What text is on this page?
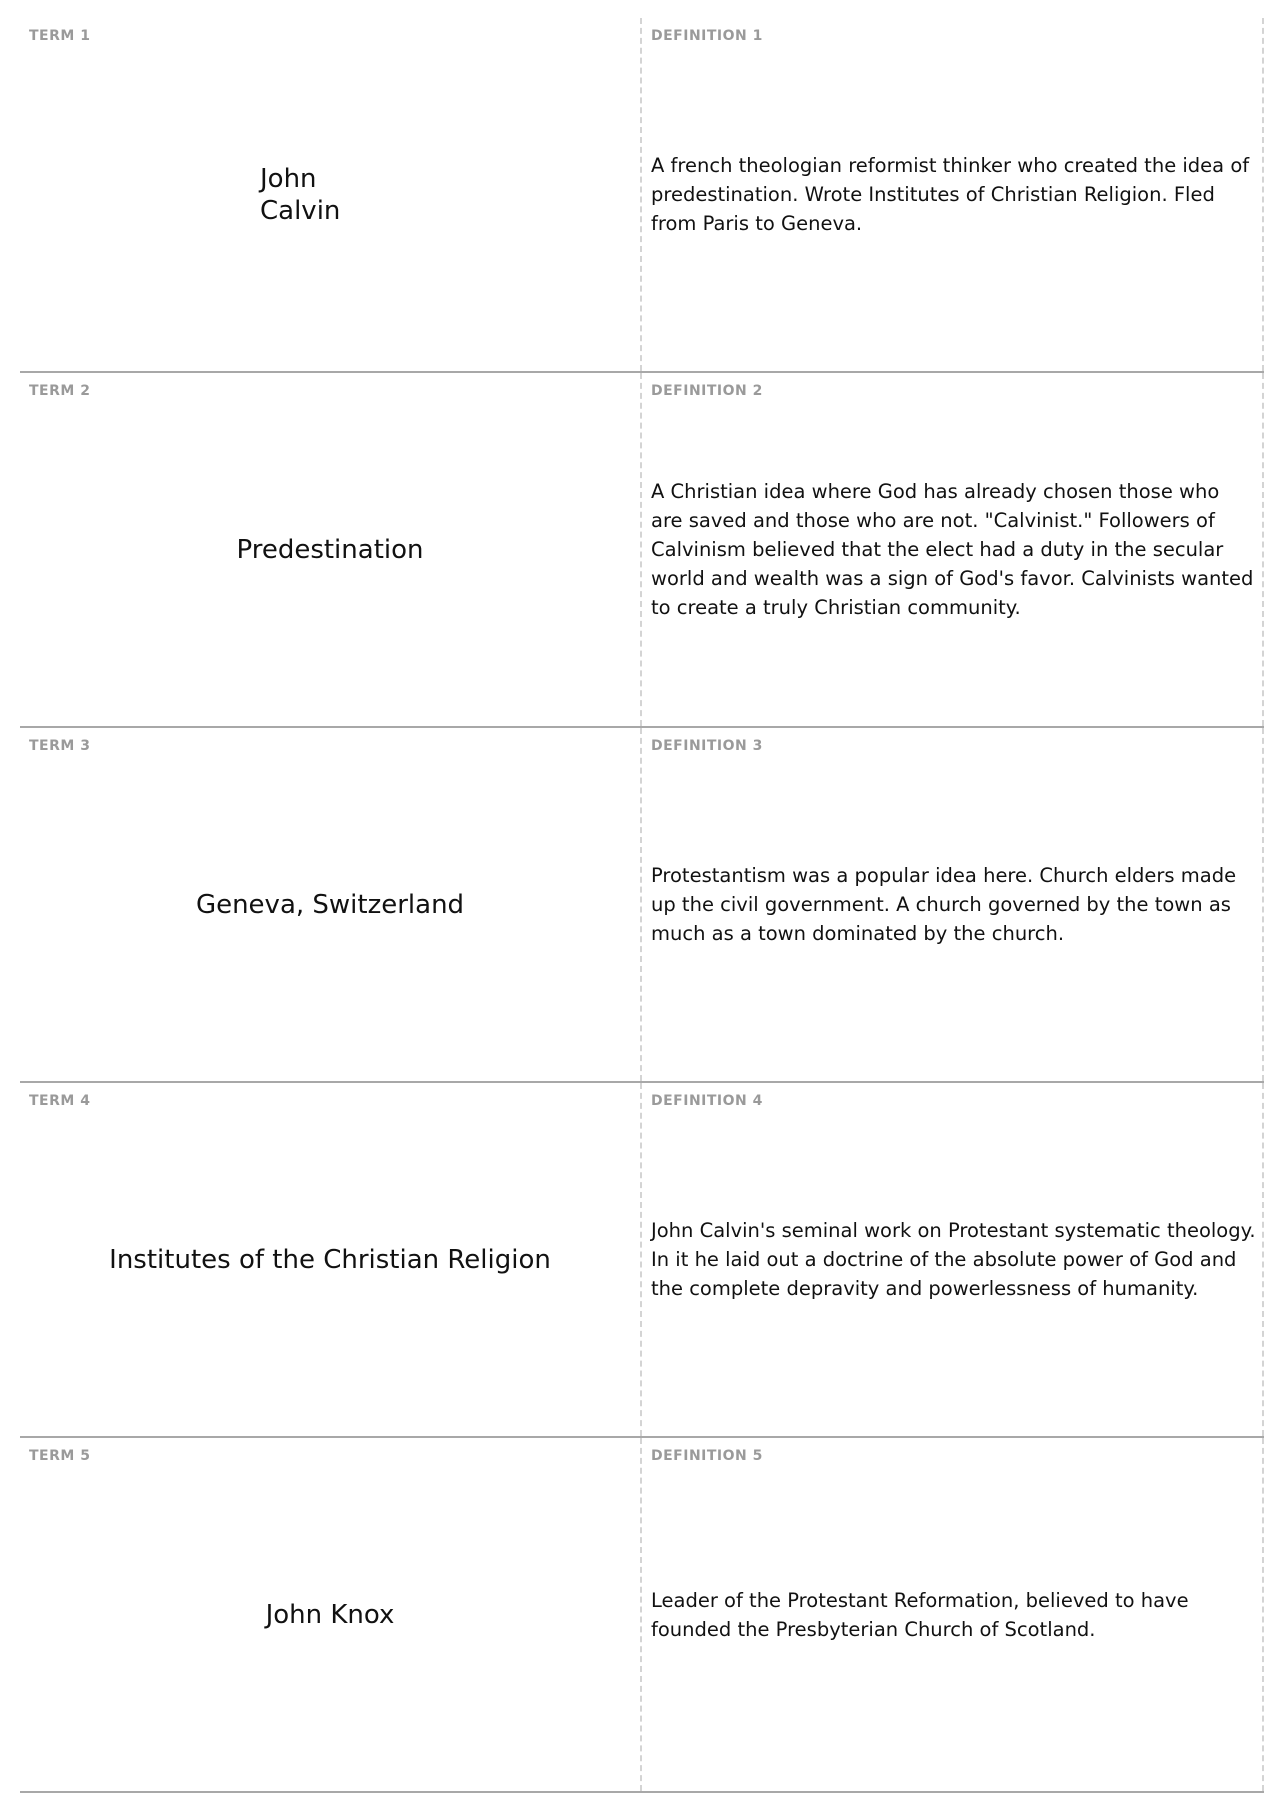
TERM 1
John Calvin
DEFINITION 1
A french theologian reformist thinker who created the idea of predestination. Wrote Institutes of Christian Religion. Fled from Paris to Geneva.
TERM 2
Predestination
DEFINITION 2
A Christian idea where God has already chosen those who are saved and those who are not. "Calvinist." Followers of Calvinism believed that the elect had a duty in the secular world and wealth was a sign of God's favor. Calvinists wanted to create a truly Christian community.
TERM 3
Geneva, Switzerland
DEFINITION 3
Protestantism was a popular idea here. Church elders made up the civil government. A church governed by the town as much as a town dominated by the church.
TERM 4
Institutes of the Christian Religion
DEFINITION 4
John Calvin's seminal work on Protestant systematic theology. In it he laid out a doctrine of the absolute power of God and the complete depravity and powerlessness of humanity.
TERM 5
John Knox
DEFINITION 5
Leader of the Protestant Reformation, believed to have founded the Presbyterian Church of Scotland.
